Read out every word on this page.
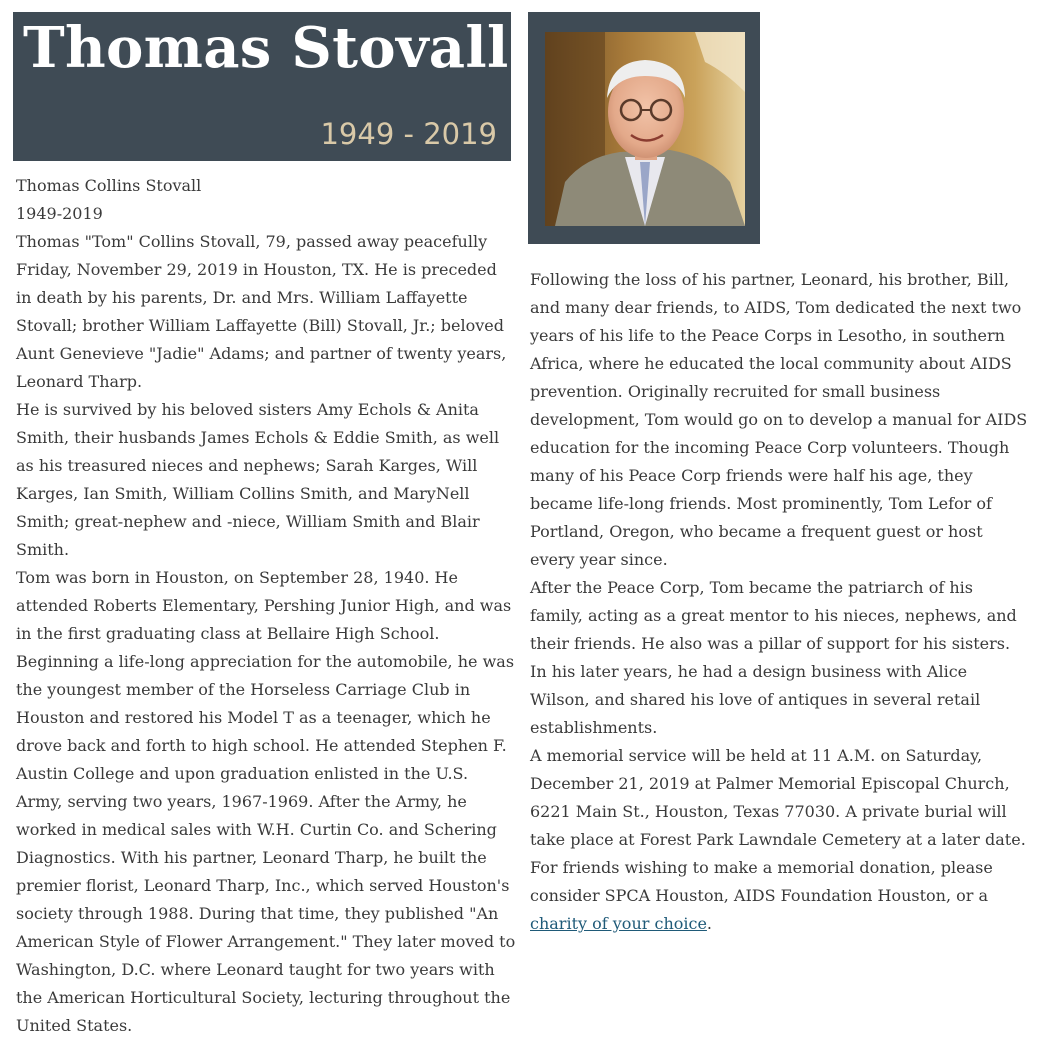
Thomas Stovall
1949 - 2019

Thomas Collins Stovall

1949-2019

Thomas "Tom" Collins Stovall, 79, passed away peacefully Friday, November 29, 2019 in Houston, TX. He is preceded in death by his parents, Dr. and Mrs. William Laffayette Stovall; brother William Laffayette (Bill) Stovall, Jr.; beloved Aunt Genevieve "Jadie" Adams; and partner of twenty years, Leonard Tharp.

He is survived by his beloved sisters Amy Echols & Anita Smith, their husbands James Echols & Eddie Smith, as well as his treasured nieces and nephews; Sarah Karges, Will Karges, Ian Smith, William Collins Smith, and MaryNell Smith; great-nephew and -niece, William Smith and Blair Smith.

Tom was born in Houston, on September 28, 1940. He attended Roberts Elementary, Pershing Junior High, and was in the first graduating class at Bellaire High School. Beginning a life-long appreciation for the automobile, he was the youngest member of the Horseless Carriage Club in Houston and restored his Model T as a teenager, which he drove back and forth to high school. He attended Stephen F. Austin College and upon graduation enlisted in the U.S. Army, serving two years, 1967-1969. After the Army, he worked in medical sales with W.H. Curtin Co. and Schering Diagnostics. With his partner, Leonard Tharp, he built the premier florist, Leonard Tharp, Inc., which served Houston's society through 1988. During that time, they published "An American Style of Flower Arrangement." They later moved to Washington, D.C. where Leonard taught for two years with the American Horticultural Society, lecturing throughout the United States.

Following the loss of his partner, Leonard, his brother, Bill, and many dear friends, to AIDS, Tom dedicated the next two years of his life to the Peace Corps in Lesotho, in southern Africa, where he educated the local community about AIDS prevention. Originally recruited for small business development, Tom would go on to develop a manual for AIDS education for the incoming Peace Corp volunteers. Though many of his Peace Corp friends were half his age, they became life-long friends. Most prominently, Tom Lefor of Portland, Oregon, who became a frequent guest or host every year since.

After the Peace Corp, Tom became the patriarch of his family, acting as a great mentor to his nieces, nephews, and their friends. He also was a pillar of support for his sisters. In his later years, he had a design business with Alice Wilson, and shared his love of antiques in several retail establishments.

A memorial service will be held at 11 A.M. on Saturday, December 21, 2019 at Palmer Memorial Episcopal Church, 6221 Main St., Houston, Texas 77030. A private burial will take place at Forest Park Lawndale Cemetery at a later date.

For friends wishing to make a memorial donation, please consider SPCA Houston, AIDS Foundation Houston, or a charity of your choice.
